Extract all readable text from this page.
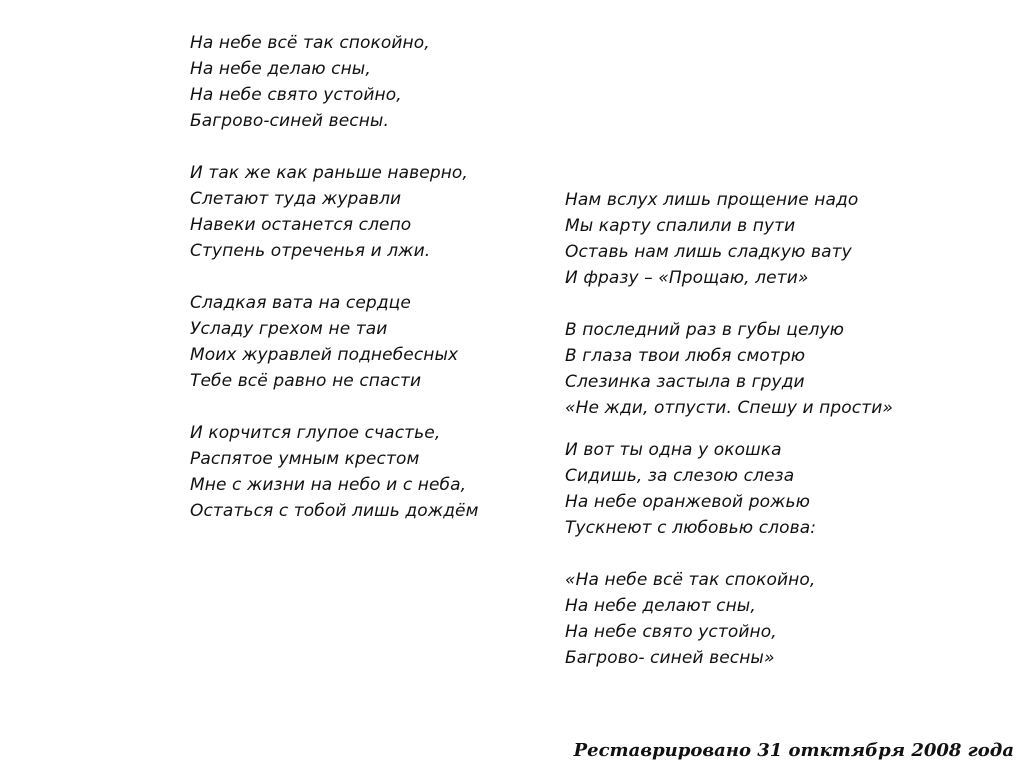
На небе всё так спокойно,
На небе делаю сны,
На небе свято устойно,
Багрово-синей весны.
И так же как раньше наверно,
Слетают туда журавли
Навеки останется слепо
Ступень отреченья и лжи.
Сладкая вата на сердце
Усладу грехом не таи
Моих журавлей поднебесных
Тебе всё равно не спасти
И корчится глупое счастье,
Распятое умным крестом
Мне с жизни на небо и с неба,
Остаться с тобой лишь дождём
Нам вслух лишь прощение надо
Мы карту спалили в пути
Оставь нам лишь сладкую вату
И фразу – «Прощаю, лети»
В последний раз в губы целую
В глаза твои любя смотрю
Слезинка застыла в груди
«Не жди, отпусти. Спешу и прости»
И вот ты одна у окошка
Сидишь, за слезою слеза
На небе оранжевой рожью
Тускнеют с любовью слова:
«На небе всё так спокойно,
На небе делают сны,
На небе свято устойно,
Багрово- синей весны»
Реставрировано 31 отктября 2008 года
